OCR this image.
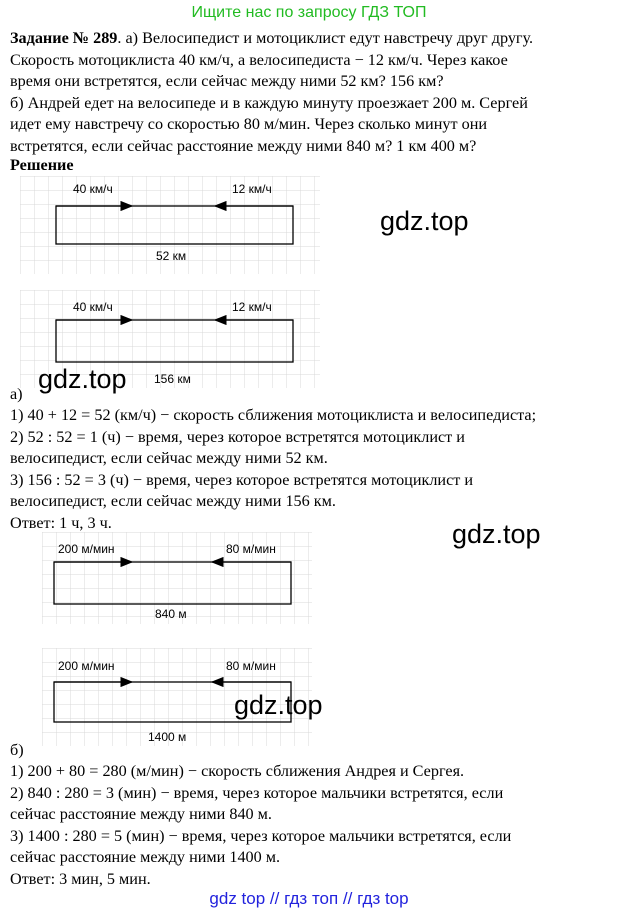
Ищите нас по запросу ГДЗ ТОП

Задание № 289. а) Велосипедист и мотоциклист едут навстречу друг другу.

Скорость мотоциклиста 40 км/ч, а велосипедиста − 12 км/ч. Через какое

время они встретятся, если сейчас между ними 52 км? 156 км?

б) Андрей едет на велосипеде и в каждую минуту проезжает 200 м. Сергей

идет ему навстречу со скоростью 80 м/мин. Через сколько минут они

встретятся, если сейчас расстояние между ними 840 м? 1 км 400 м?

Решение

40 км/ч	12 км/ч
52 км
40 км/ч	12 км/ч
156 км

а)

1) 40 + 12 = 52 (км/ч) − скорость сближения мотоциклиста и велосипедиста;

2) 52 : 52 = 1 (ч) − время, через которое встретятся мотоциклист и

велосипедист, если сейчас между ними 52 км.

3) 156 : 52 = 3 (ч) − время, через которое встретятся мотоциклист и

велосипедист, если сейчас между ними 156 км.

Ответ: 1 ч, 3 ч.

200 м/мин	80 м/мин
840 м
200 м/мин	80 м/мин
1400 м

б)

1) 200 + 80 = 280 (м/мин) − скорость сближения Андрея и Сергея.

2) 840 : 280 = 3 (мин) − время, через которое мальчики встретятся, если

сейчас расстояние между ними 840 м.

3) 1400 : 280 = 5 (мин) − время, через которое мальчики встретятся, если

сейчас расстояние между ними 1400 м.

Ответ: 3 мин, 5 мин.

gdz.top
gdz.top
gdz.top
gdz.top
gdz top // гдз топ // гдз top
